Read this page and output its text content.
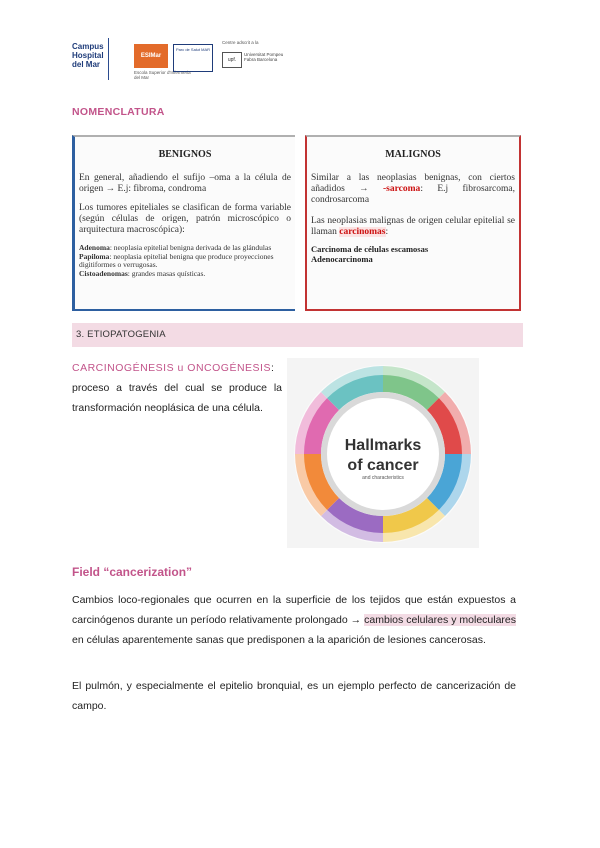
Campus Hospital del Mar
ESIMar
Escola Superior d'Infermeria del Mar
Parc de Salut MAR
Centre adscrit a la
upf.
Universitat Pompeu Fabra Barcelona
NOMENCLATURA
BENIGNOS
En general, añadiendo el sufijo –oma a la célula de origen → E.j: fibroma, condroma
Los tumores epiteliales se clasifican de forma variable (según células de origen, patrón microscópico o arquitectura macroscópica):
Adenoma: neoplasia epitelial benigna derivada de las glándulas
Papiloma: neoplasia epitelial benigna que produce proyecciones digitiformes o verrugosas.
Cistoadenomas: grandes masas quísticas.
MALIGNOS
Similar a las neoplasias benignas, con ciertos añadidos → -sarcoma: E.j fibrosarcoma, condrosarcoma
Las neoplasias malignas de origen celular epitelial se llaman carcinomas:
Carcinoma de células escamosas
Adenocarcinoma
3. ETIOPATOGENIA
CARCINOGÉNESIS u ONCOGÉNESIS:
proceso a través del cual se produce la transformación neoplásica de una célula.
Hallmarks
of cancer
and characteristics
Field “cancerization”
Cambios loco-regionales que ocurren en la superficie de los tejidos que están expuestos a carcinógenos durante un período relativamente prolongado → cambios celulares y moleculares en células aparentemente sanas que predisponen a la aparición de lesiones cancerosas.
El pulmón, y especialmente el epitelio bronquial, es un ejemplo perfecto de cancerización de campo.
